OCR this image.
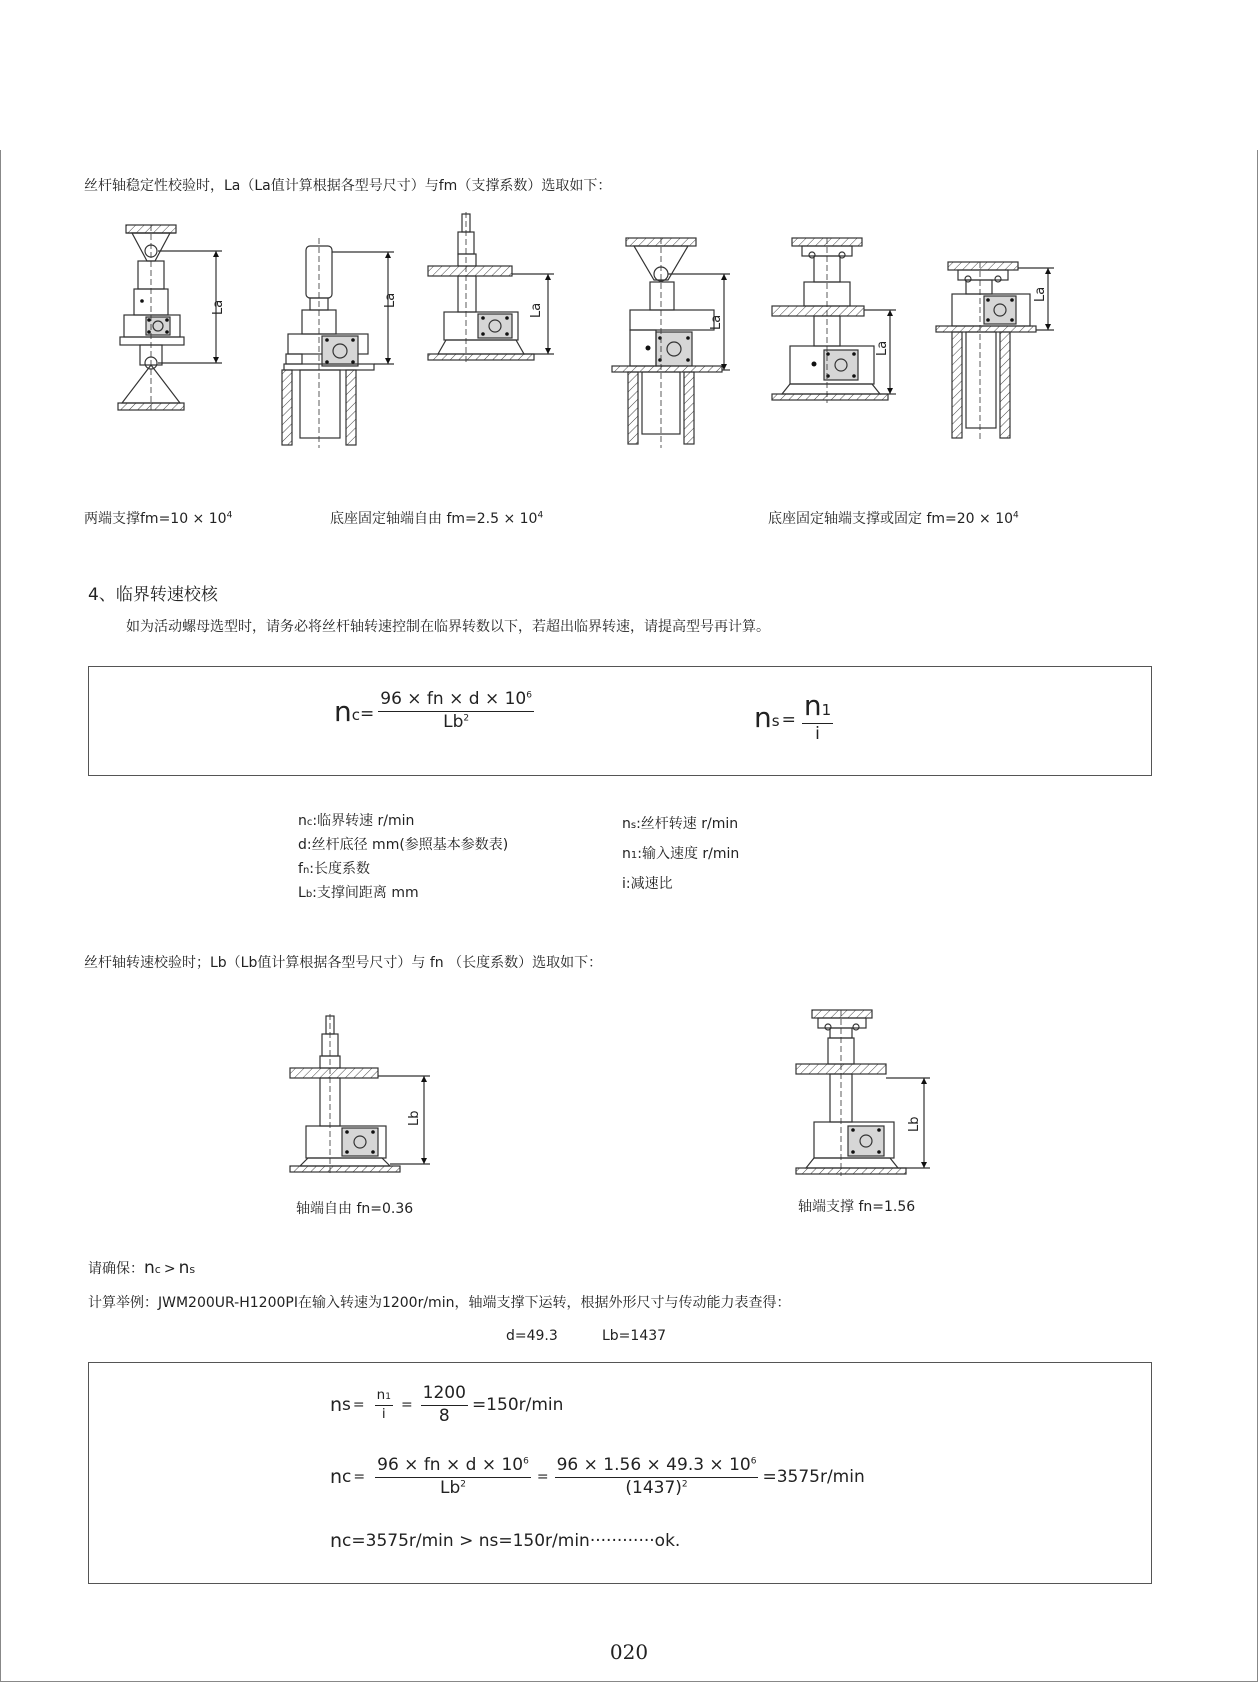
丝杆轴稳定性校验时，La（La值计算根据各型号尺寸）与fm（支撑系数）选取如下：
La	La
La
La
La
La
两端支撑$fm=10 \times 10^4$	底座固定轴端自由 $fm=2.5 \times 10^4$	底座固定轴端支撑或固定 $fm=20 \times 10^4$
4、临界转速校核
如为活动螺母选型时，请务必将丝杆轴转速控制在临界转数以下，若超出临界转速，请提高型号再计算。
n $c = \frac{96 \times fn \times d \times 10^6}{Lb^2}$	n $s = \frac{n1}{i}$
nc:临界转速 r/min
d:丝杆底径 mm(参照基本参数表)
fn:长度系数
Lb:支撑间距离 mm
ns:丝杆转速 r/min
n1:输入速度 r/min
i:减速比
丝杆轴转速校验时；Lb（Lb值计算根据各型号尺寸）与 fn （长度系数）选取如下：
Lb	Lb
轴端自由 fn=0.36	轴端支撑 fn=1.56
请确保：nc > ns
计算举例：JWM200UR-H1200PI在输入转速为1200r/min，轴端支撑下运转，根据外形尺寸与传动能力表查得：
d=49.3	Lb=1437
n $s = \frac{n1}{i} = \frac{1200}{8} =150r/\min$
n $c = \frac{96 \times fn \times d \times 10^6}{Lb^2} = \frac{96 \times 1.56 \times 49.3 \times 10^6}{(1437)^2} =3575r/\min$
n c=3575r/min > ns=150r/min············ok.
020
